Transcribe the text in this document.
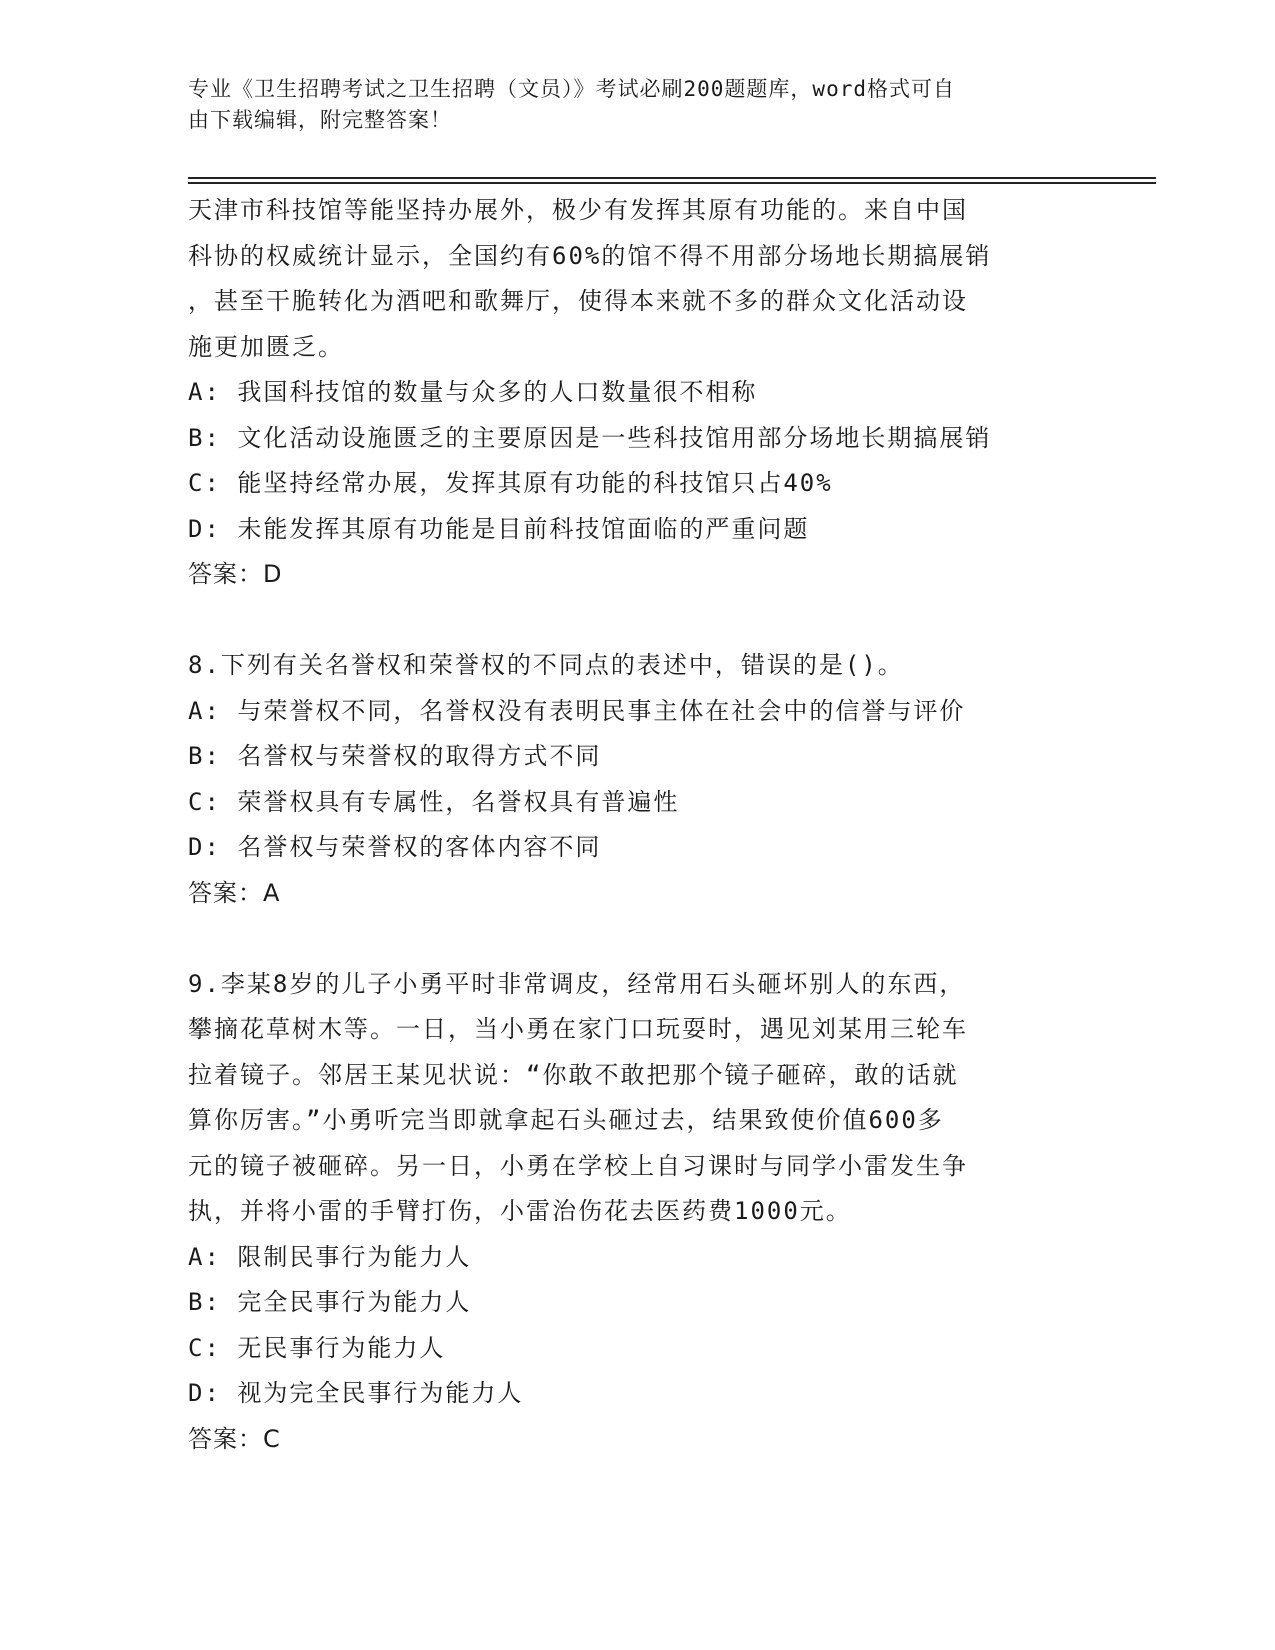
专业《卫生招聘考试之卫生招聘（文员）》考试必刷200题题库，word格式可自
由下载编辑，附完整答案！
天津市科技馆等能坚持办展外，极少有发挥其原有功能的。来自中国
科协的权威统计显示，全国约有60%的馆不得不用部分场地长期搞展销
，甚至干脆转化为酒吧和歌舞厅，使得本来就不多的群众文化活动设
施更加匮乏。
A: 我国科技馆的数量与众多的人口数量很不相称
B: 文化活动设施匮乏的主要原因是一些科技馆用部分场地长期搞展销
C: 能坚持经常办展，发挥其原有功能的科技馆只占40%
D: 未能发挥其原有功能是目前科技馆面临的严重问题
答案：D
8.下列有关名誉权和荣誉权的不同点的表述中，错误的是()。
A: 与荣誉权不同，名誉权没有表明民事主体在社会中的信誉与评价
B: 名誉权与荣誉权的取得方式不同
C: 荣誉权具有专属性，名誉权具有普遍性
D: 名誉权与荣誉权的客体内容不同
答案：A
9.李某8岁的儿子小勇平时非常调皮，经常用石头砸坏别人的东西，
攀摘花草树木等。一日，当小勇在家门口玩耍时，遇见刘某用三轮车
拉着镜子。邻居王某见状说：“你敢不敢把那个镜子砸碎，敢的话就
算你厉害。”小勇听完当即就拿起石头砸过去，结果致使价值600多
元的镜子被砸碎。另一日，小勇在学校上自习课时与同学小雷发生争
执，并将小雷的手臂打伤，小雷治伤花去医药费1000元。
A: 限制民事行为能力人
B: 完全民事行为能力人
C: 无民事行为能力人
D: 视为完全民事行为能力人
答案：C
